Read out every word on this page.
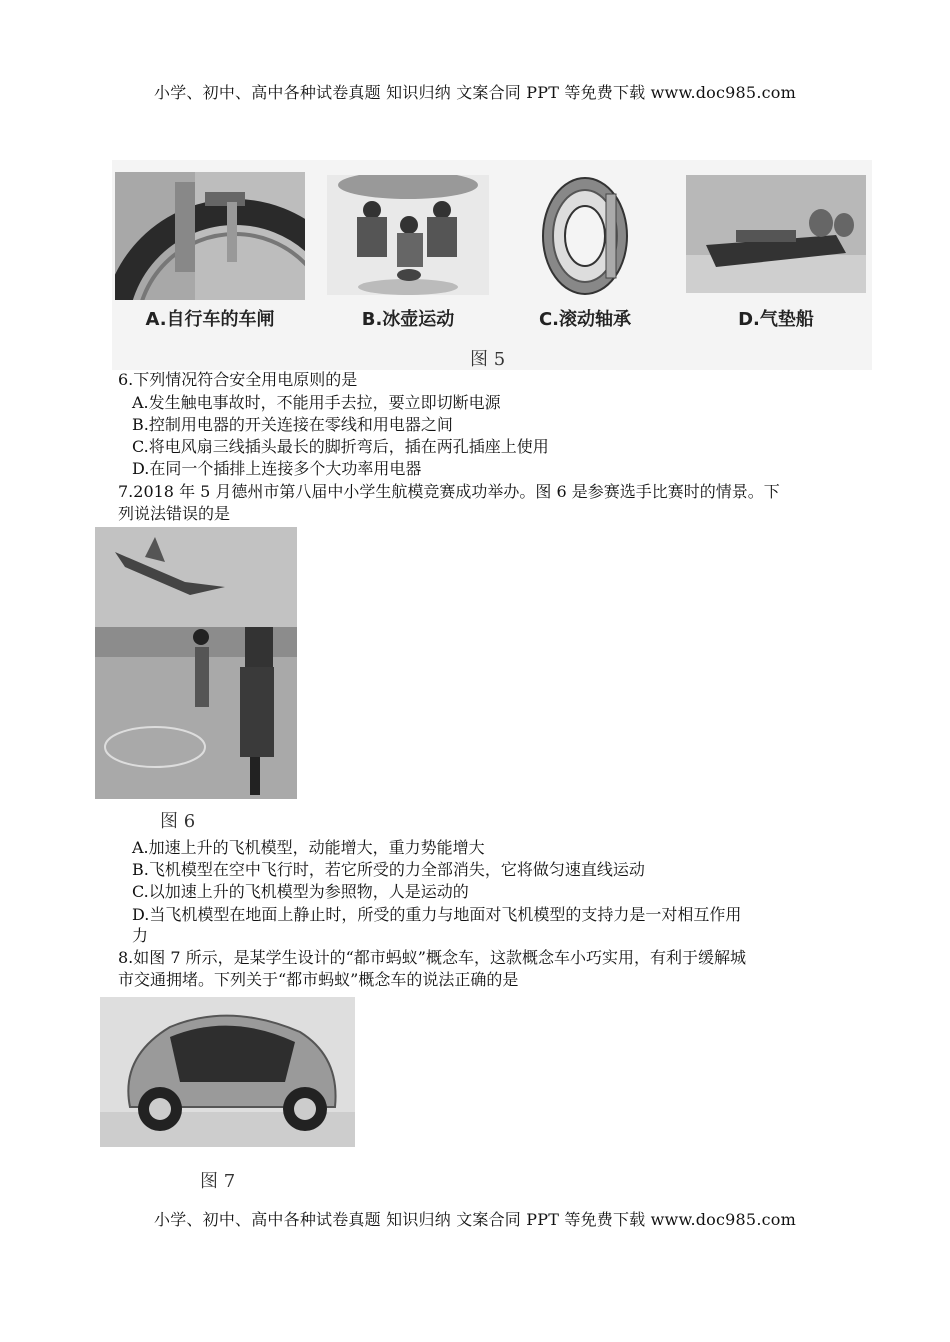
小学、初中、高中各种试卷真题 知识归纳 文案合同 PPT 等免费下载 www.doc985.com
A.自行车的车闸	B.冰壶运动	C.滚动轴承	D.气垫船
图 5
6.下列情况符合安全用电原则的是
A.发生触电事故时，不能用手去拉，要立即切断电源
B.控制用电器的开关连接在零线和用电器之间
C.将电风扇三线插头最长的脚折弯后，插在两孔插座上使用
D.在同一个插排上连接多个大功率用电器
7.2018 年 5 月德州市第八届中小学生航模竞赛成功举办。图 6 是参赛选手比赛时的情景。下
列说法错误的是
图 6
A.加速上升的飞机模型，动能增大，重力势能增大
B.飞机模型在空中飞行时，若它所受的力全部消失，它将做匀速直线运动
C.以加速上升的飞机模型为参照物，人是运动的
D.当飞机模型在地面上静止时，所受的重力与地面对飞机模型的支持力是一对相互作用
力
8.如图 7 所示，是某学生设计的“都市蚂蚁”概念车，这款概念车小巧实用，有利于缓解城
市交通拥堵。下列关于“都市蚂蚁”概念车的说法正确的是
图 7
小学、初中、高中各种试卷真题 知识归纳 文案合同 PPT 等免费下载 www.doc985.com
